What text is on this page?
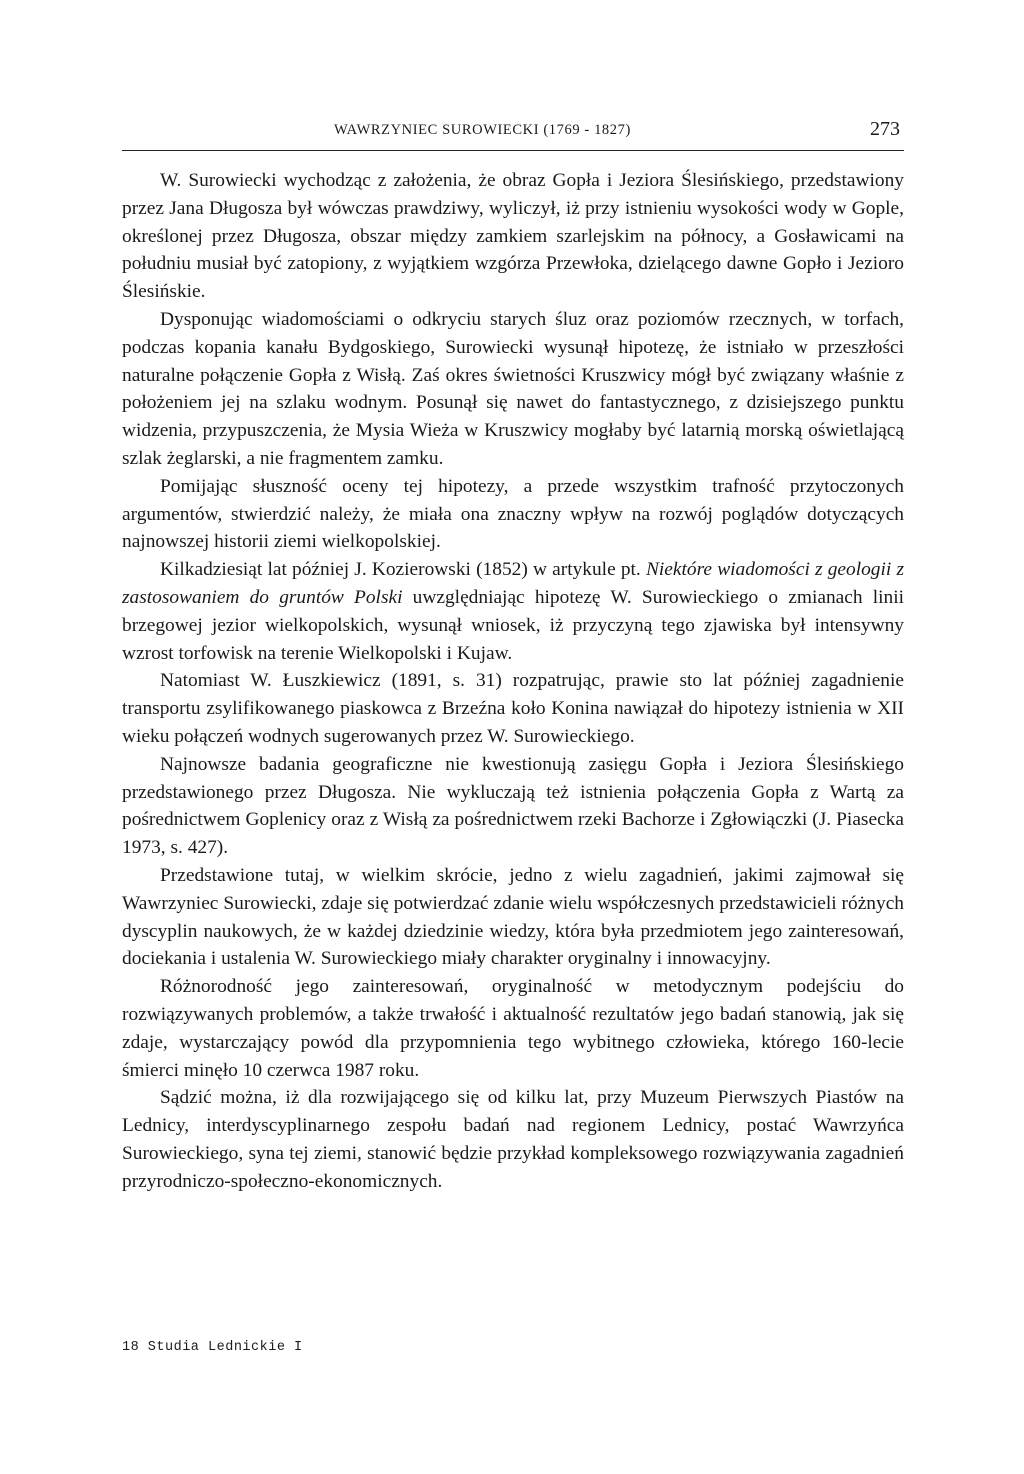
WAWRZYNIEC SUROWIECKI (1769 - 1827)	273

W. Surowiecki wychodząc z założenia, że obraz Gopła i Jeziora Ślesińskiego, przedstawiony przez Jana Długosza był wówczas prawdziwy, wyliczył, iż przy istnieniu wysokości wody w Gople, określonej przez Długosza, obszar między zamkiem szarlejskim na północy, a Gosławicami na południu musiał być zatopiony, z wyjątkiem wzgórza Przewłoka, dzielącego dawne Gopło i Jezioro Ślesińskie.

Dysponując wiadomościami o odkryciu starych śluz oraz poziomów rzecznych, w torfach, podczas kopania kanału Bydgoskiego, Surowiecki wysunął hipotezę, że istniało w przeszłości naturalne połączenie Gopła z Wisłą. Zaś okres świetności Kruszwicy mógł być związany właśnie z położeniem jej na szlaku wodnym. Posunął się nawet do fantastycznego, z dzisiejszego punktu widzenia, przypuszczenia, że Mysia Wieża w Kruszwicy mogłaby być latarnią morską oświetlającą szlak żeglarski, a nie fragmentem zamku.

Pomijając słuszność oceny tej hipotezy, a przede wszystkim trafność przytoczonych argumentów, stwierdzić należy, że miała ona znaczny wpływ na rozwój poglądów dotyczących najnowszej historii ziemi wielkopolskiej.

Kilkadziesiąt lat później J. Kozierowski (1852) w artykule pt. Niektóre wiadomości z geologii z zastosowaniem do gruntów Polski uwzględniając hipotezę W. Surowieckiego o zmianach linii brzegowej jezior wielkopolskich, wysunął wniosek, iż przyczyną tego zjawiska był intensywny wzrost torfowisk na terenie Wielkopolski i Kujaw.

Natomiast W. Łuszkiewicz (1891, s. 31) rozpatrując, prawie sto lat później zagadnienie transportu zsylifikowanego piaskowca z Brzeźna koło Konina nawiązał do hipotezy istnienia w XII wieku połączeń wodnych sugerowanych przez W. Surowieckiego.

Najnowsze badania geograficzne nie kwestionują zasięgu Gopła i Jeziora Ślesińskiego przedstawionego przez Długosza. Nie wykluczają też istnienia połączenia Gopła z Wartą za pośrednictwem Goplenicy oraz z Wisłą za pośrednictwem rzeki Bachorze i Zgłowiączki (J. Piasecka 1973, s. 427).

Przedstawione tutaj, w wielkim skrócie, jedno z wielu zagadnień, jakimi zajmował się Wawrzyniec Surowiecki, zdaje się potwierdzać zdanie wielu współczesnych przedstawicieli różnych dyscyplin naukowych, że w każdej dziedzinie wiedzy, która była przedmiotem jego zainteresowań, dociekania i ustalenia W. Surowieckiego miały charakter oryginalny i innowacyjny.

Różnorodność jego zainteresowań, oryginalność w metodycznym podejściu do rozwiązywanych problemów, a także trwałość i aktualność rezultatów jego badań stanowią, jak się zdaje, wystarczający powód dla przypomnienia tego wybitnego człowieka, którego 160-lecie śmierci minęło 10 czerwca 1987 roku.

Sądzić można, iż dla rozwijającego się od kilku lat, przy Muzeum Pierwszych Piastów na Lednicy, interdyscyplinarnego zespołu badań nad regionem Lednicy, postać Wawrzyńca Surowieckiego, syna tej ziemi, stanowić będzie przykład kompleksowego rozwiązywania zagadnień przyrodniczo-społeczno-ekonomicznych.

18 Studia Lednickie I
